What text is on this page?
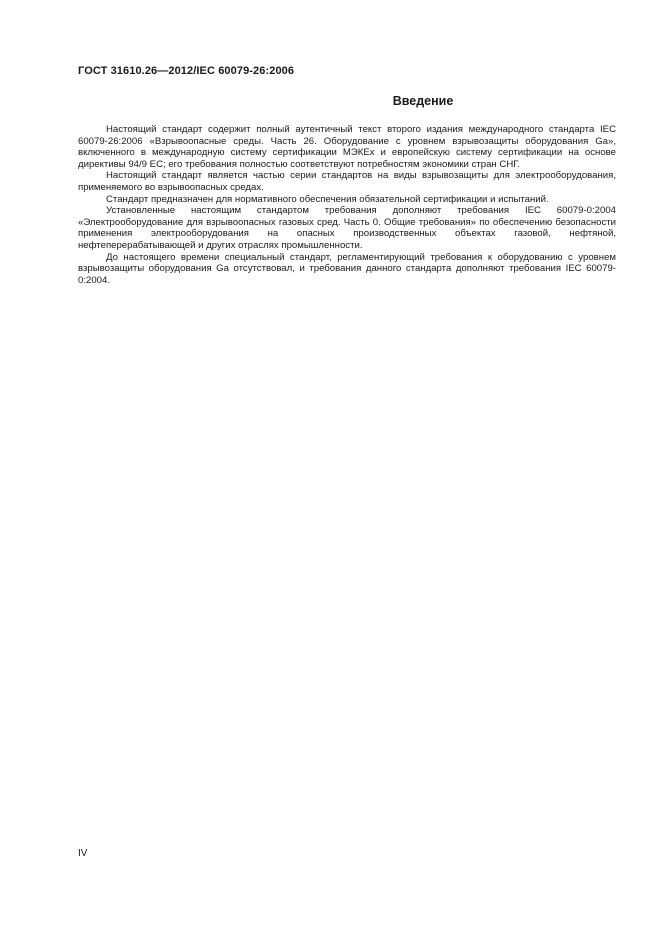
ГОСТ 31610.26—2012/IEC 60079-26:2006
Введение

Настоящий стандарт содержит полный аутентичный текст второго издания международного стандарта IEC 60079-26:2006 «Взрывоопасные среды. Часть 26. Оборудование с уровнем взрывозащиты оборудования Ga», включенного в международную систему сертификации МЭКЕх и европейскую систему сертификации на основе директивы 94/9 ЕС; его требования полностью соответствуют потребностям экономики стран СНГ.

Настоящий стандарт является частью серии стандартов на виды взрывозащиты для электрооборудования, применяемого во взрывоопасных средах.

Стандарт предназначен для нормативного обеспечения обязательной сертификации и испытаний.

Установленные настоящим стандартом требования дополняют требования IEC 60079-0:2004 «Электрооборудование для взрывоопасных газовых сред. Часть 0. Общие требования» по обеспечению безопасности применения электрооборудования на опасных производственных объектах газовой, нефтяной, нефтеперерабатывающей и других отраслях промышленности.

До настоящего времени специальный стандарт, регламентирующий требования к оборудованию с уровнем взрывозащиты оборудования Ga отсутствовал, и требования данного стандарта дополняют требования IEC 60079-0:2004.

IV
